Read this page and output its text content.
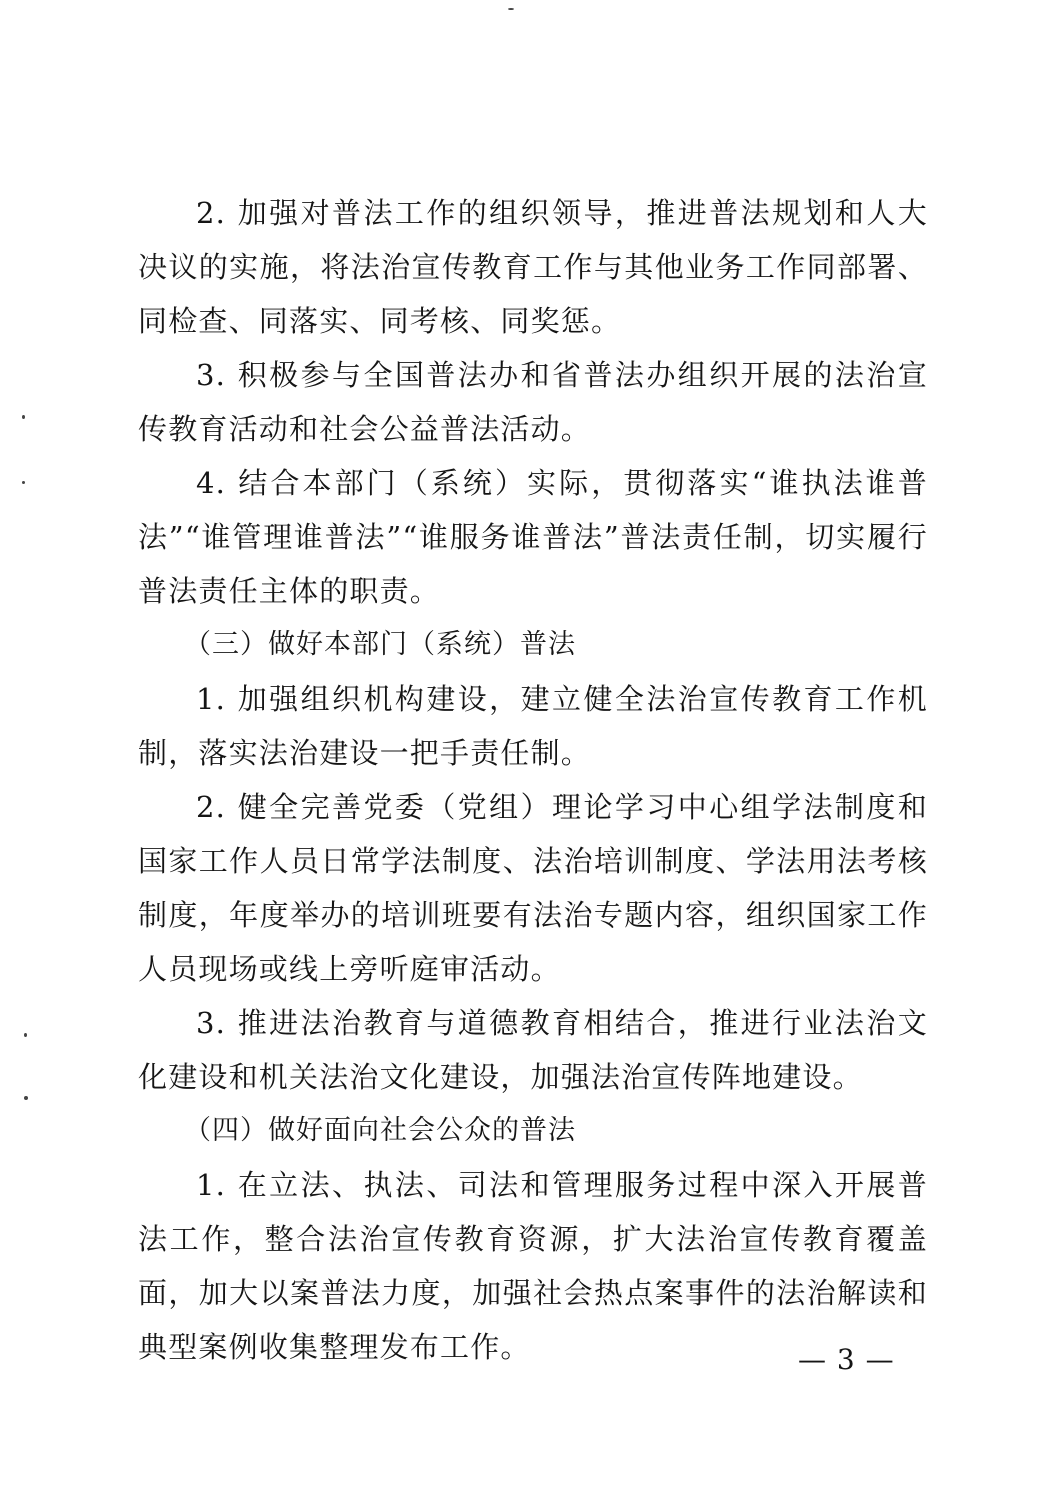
2. 加强对普法工作的组织领导，推进普法规划和人大决议的实施，将法治宣传教育工作与其他业务工作同部署、同检查、同落实、同考核、同奖惩。

3. 积极参与全国普法办和省普法办组织开展的法治宣传教育活动和社会公益普法活动。

4. 结合本部门（系统）实际，贯彻落实“谁执法谁普法”“谁管理谁普法”“谁服务谁普法”普法责任制，切实履行普法责任主体的职责。

（三）做好本部门（系统）普法

1. 加强组织机构建设，建立健全法治宣传教育工作机制，落实法治建设一把手责任制。

2. 健全完善党委（党组）理论学习中心组学法制度和国家工作人员日常学法制度、法治培训制度、学法用法考核制度，年度举办的培训班要有法治专题内容，组织国家工作人员现场或线上旁听庭审活动。

3. 推进法治教育与道德教育相结合，推进行业法治文化建设和机关法治文化建设，加强法治宣传阵地建设。

（四）做好面向社会公众的普法

1. 在立法、执法、司法和管理服务过程中深入开展普法工作，整合法治宣传教育资源，扩大法治宣传教育覆盖面，加大以案普法力度，加强社会热点案事件的法治解读和典型案例收集整理发布工作。	— 3 —
